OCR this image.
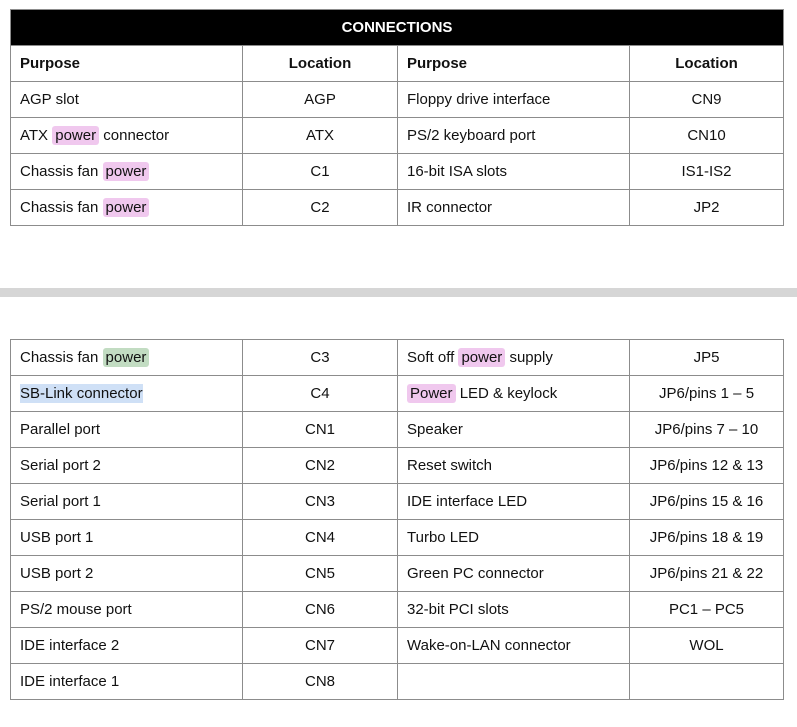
CONNECTIONS			
Purpose	Location	Purpose	Location
AGP slot	AGP	Floppy drive interface	CN9
ATX power connector	ATX	PS/2 keyboard port	CN10
Chassis fan power	C1	16-bit ISA slots	IS1-IS2
Chassis fan power	C2	IR connector	JP2
Chassis fan power	C3	Soft off power supply	JP5
SB-Link connector	C4	Power LED & keylock	JP6/pins 1 – 5
Parallel port	CN1	Speaker	JP6/pins 7 – 10
Serial port 2	CN2	Reset switch	JP6/pins 12 & 13
Serial port 1	CN3	IDE interface LED	JP6/pins 15 & 16
USB port 1	CN4	Turbo LED	JP6/pins 18 & 19
USB port 2	CN5	Green PC connector	JP6/pins 21 & 22
PS/2 mouse port	CN6	32-bit PCI slots	PC1 – PC5
IDE interface 2	CN7	Wake-on-LAN connector	WOL
IDE interface 1	CN8		
